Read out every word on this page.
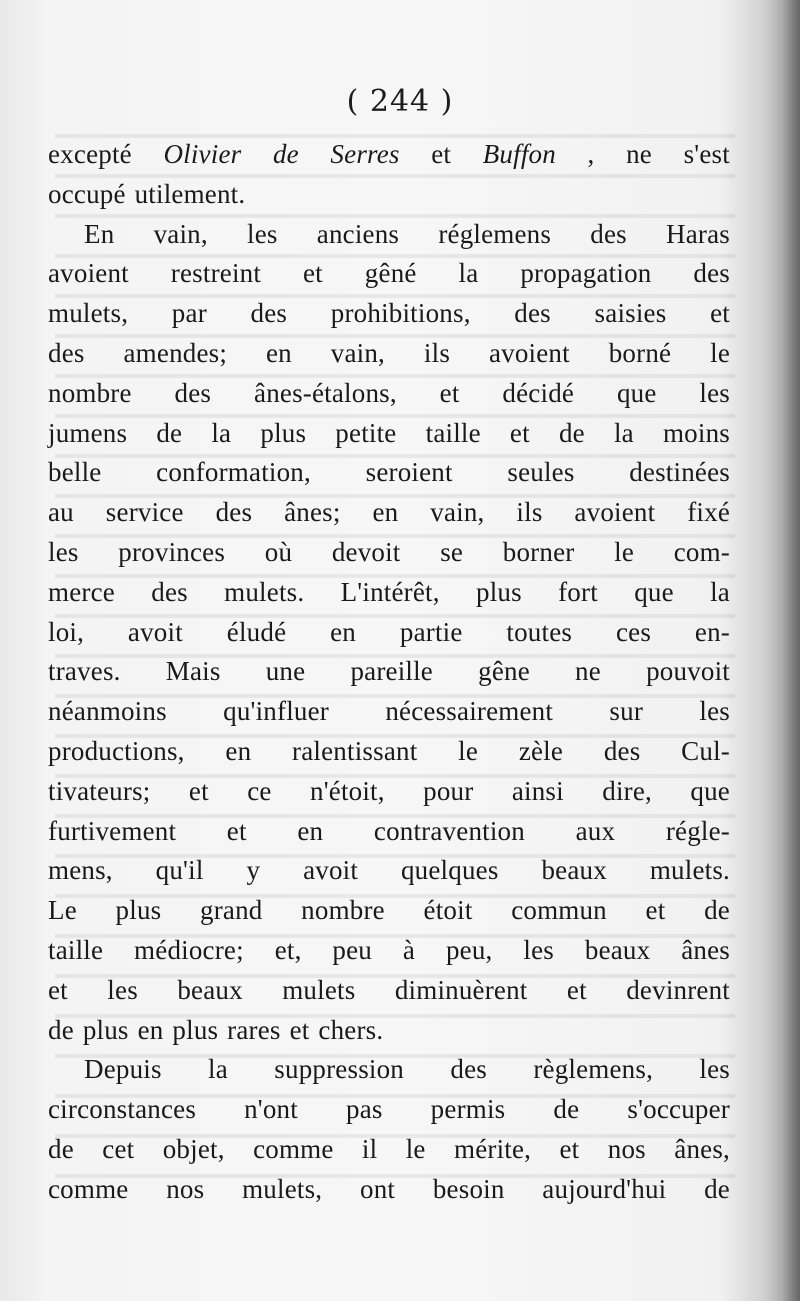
( 244 )
excepté Olivier de Serres et Buffon , ne s'est
occupé utilement.
En vain, les anciens réglemens des Haras
avoient restreint et gêné la propagation des
mulets, par des prohibitions, des saisies et
des amendes; en vain, ils avoient borné le
nombre des ânes-étalons, et décidé que les
jumens de la plus petite taille et de la moins
belle conformation, seroient seules destinées
au service des ânes; en vain, ils avoient fixé
les provinces où devoit se borner le com-
merce des mulets. L'intérêt, plus fort que la
loi, avoit éludé en partie toutes ces en-
traves. Mais une pareille gêne ne pouvoit
néanmoins qu'influer nécessairement sur les
productions, en ralentissant le zèle des Cul-
tivateurs; et ce n'étoit, pour ainsi dire, que
furtivement et en contravention aux régle-
mens, qu'il y avoit quelques beaux mulets.
Le plus grand nombre étoit commun et de
taille médiocre; et, peu à peu, les beaux ânes
et les beaux mulets diminuèrent et devinrent
de plus en plus rares et chers.
Depuis la suppression des règlemens, les
circonstances n'ont pas permis de s'occuper
de cet objet, comme il le mérite, et nos ânes,
comme nos mulets, ont besoin aujourd'hui de
